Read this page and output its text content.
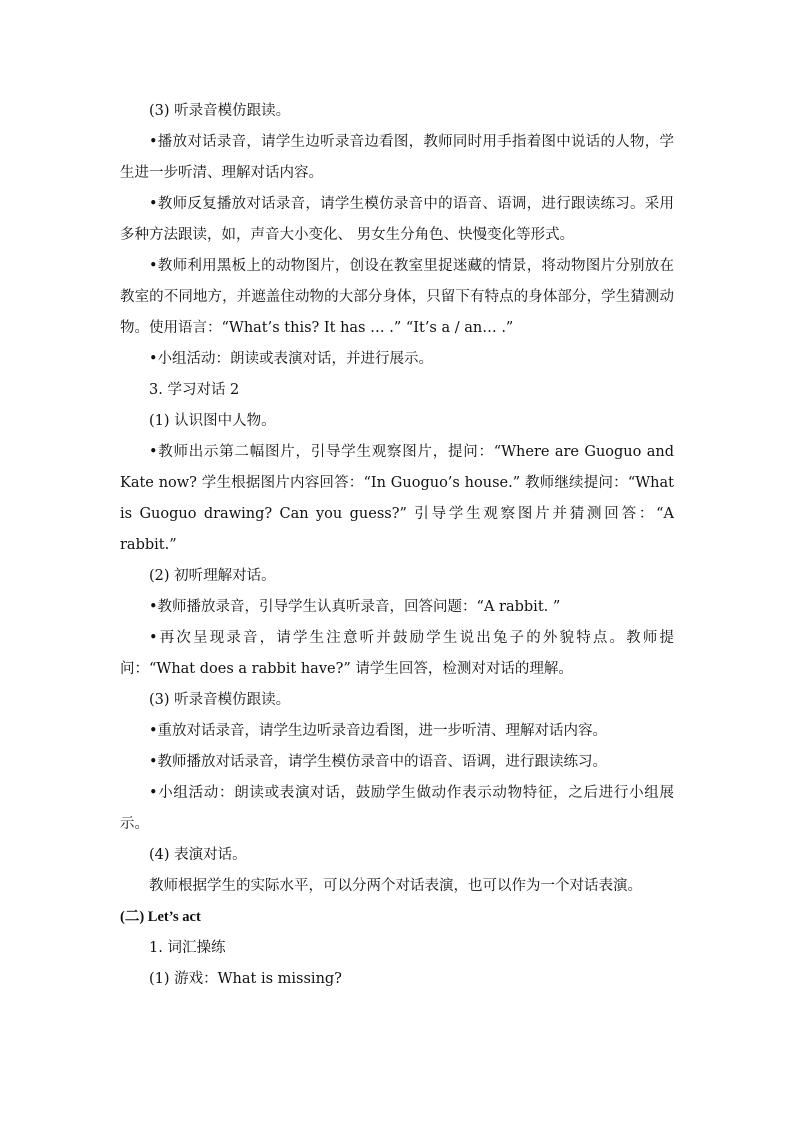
(3) 听录音模仿跟读。

•播放对话录音，请学生边听录音边看图，教师同时用手指着图中说话的人物，学生进一步听清、理解对话内容。

•教师反复播放对话录音，请学生模仿录音中的语音、语调，进行跟读练习。采用多种方法跟读，如，声音大小变化、 男女生分角色、快慢变化等形式。

•教师利用黑板上的动物图片，创设在教室里捉迷藏的情景，将动物图片分别放在教室的不同地方，并遮盖住动物的大部分身体，只留下有特点的身体部分，学生猜测动物。使用语言：“What’s this? It has … .” “It’s a / an… .”

•小组活动：朗读或表演对话，并进行展示。

3. 学习对话 2

(1) 认识图中人物。

•教师出示第二幅图片，引导学生观察图片，提问：“Where are Guoguo and Kate now? 学生根据图片内容回答：“In Guoguo’s house.” 教师继续提问：“What is Guoguo drawing? Can you guess?” 引导学生观察图片并猜测回答：“A rabbit.”

(2) 初听理解对话。

•教师播放录音，引导学生认真听录音，回答问题：“A rabbit. ”

•再次呈现录音，请学生注意听并鼓励学生说出兔子的外貌特点。教师提问：“What does a rabbit have?” 请学生回答，检测对对话的理解。

(3) 听录音模仿跟读。

•重放对话录音，请学生边听录音边看图，进一步听清、理解对话内容。

•教师播放对话录音，请学生模仿录音中的语音、语调，进行跟读练习。

•小组活动：朗读或表演对话，鼓励学生做动作表示动物特征，之后进行小组展示。

(4) 表演对话。

教师根据学生的实际水平，可以分两个对话表演，也可以作为一个对话表演。

(二) Let’s act

1. 词汇操练

(1) 游戏：What is missing?
